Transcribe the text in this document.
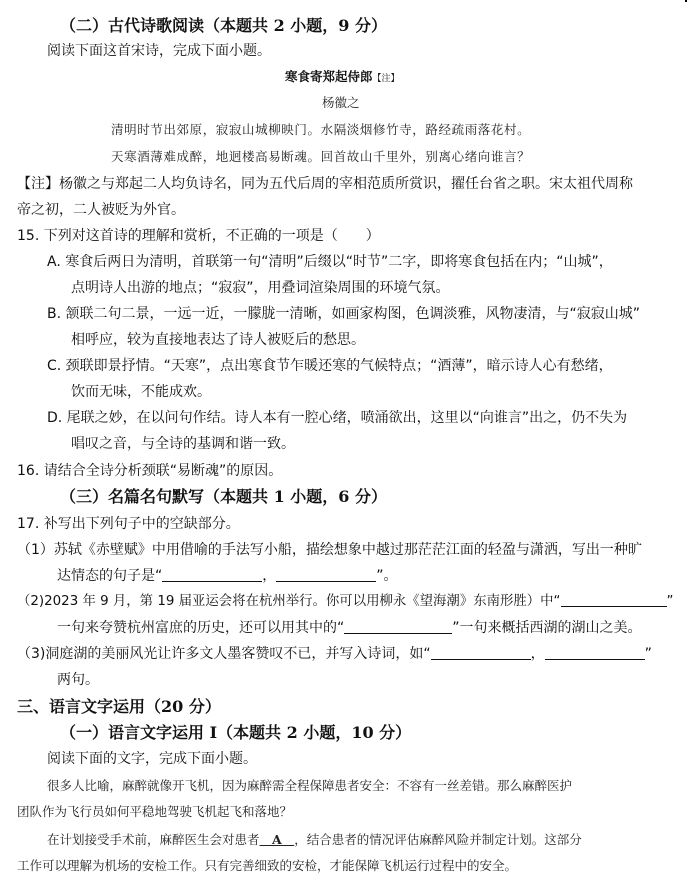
（二）古代诗歌阅读（本题共 2 小题，9 分）
阅读下面这首宋诗，完成下面小题。
寒食寄郑起侍郎【注】
杨徽之
清明时节出郊原，寂寂山城柳映门。水隔淡烟修竹寺，路经疏雨落花村。
天寒酒薄难成醉，地迥楼高易断魂。回首故山千里外，别离心绪向谁言？
【注】杨徽之与郑起二人均负诗名，同为五代后周的宰相范质所赏识，擢任台省之职。宋太祖代周称
帝之初，二人被贬为外官。
15. 下列对这首诗的理解和赏析，不正确的一项是（　　）
A. 寒食后两日为清明，首联第一句“清明”后缀以“时节”二字，即将寒食包括在内；“山城”，
点明诗人出游的地点；“寂寂”，用叠词渲染周围的环境气氛。
B. 颔联二句二景，一远一近，一朦胧一清晰，如画家构图，色调淡雅，风物凄清，与“寂寂山城”
相呼应，较为直接地表达了诗人被贬后的愁思。
C. 颈联即景抒情。“天寒”，点出寒食节乍暖还寒的气候特点；“酒薄”，暗示诗人心有愁绪，
饮而无味，不能成欢。
D. 尾联之妙，在以问句作结。诗人本有一腔心绪，喷涌欲出，这里以“向谁言”出之，仍不失为
唱叹之音，与全诗的基调和谐一致。
16. 请结合全诗分析颈联“易断魂”的原因。
（三）名篇名句默写（本题共 1 小题，6 分）
17. 补写出下列句子中的空缺部分。
（1）苏轼《赤壁赋》中用借喻的手法写小船，描绘想象中越过那茫茫江面的轻盈与潇洒，写出一种旷
达情态的句子是“	，	”。
（2)2023 年 9 月，第 19 届亚运会将在杭州举行。你可以用柳永《望海潮》东南形胜）中“	”
一句来夸赞杭州富庶的历史，还可以用其中的“	”一句来概括西湖的湖山之美。
（3)洞庭湖的美丽风光让许多文人墨客赞叹不已，并写入诗词，如“	，	”
两句。
三、语言文字运用（20 分）
（一）语言文字运用 I（本题共 2 小题，10 分）
阅读下面的文字，完成下面小题。
很多人比喻，麻醉就像开飞机，因为麻醉需全程保障患者安全：不容有一丝差错。那么麻醉医护
团队作为飞行员如何平稳地驾驶飞机起飞和落地？
在计划接受手术前，麻醉医生会对患者　A　，结合患者的情况评估麻醉风险并制定计划。这部分
工作可以理解为机场的安检工作。只有完善细致的安检，才能保障飞机运行过程中的安全。
